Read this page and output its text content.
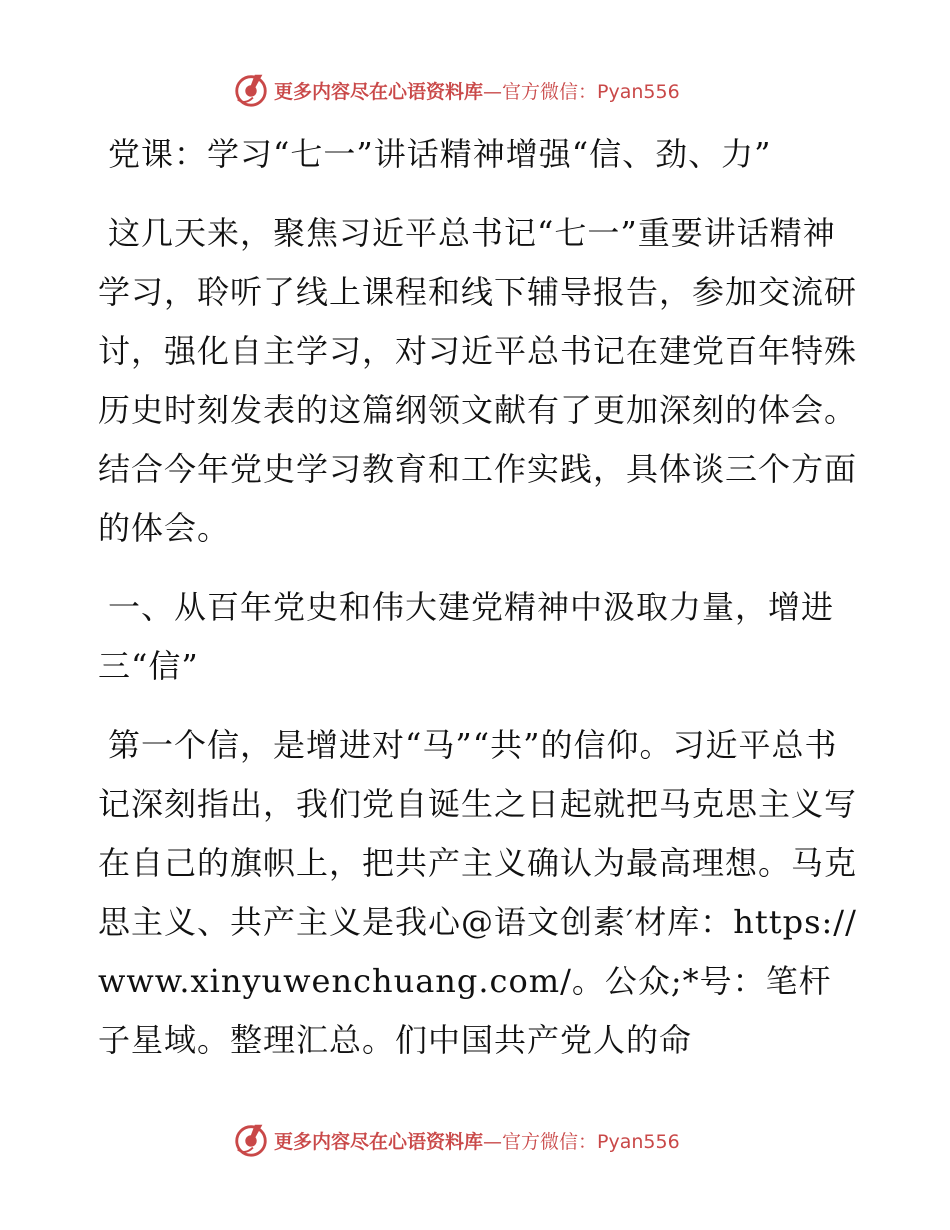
更多内容尽在心语资料库—官方微信：Pyan556

党课：学习“七一”讲话精神增强“信、劲、力”

这几天来，聚焦习近平总书记“七一”重要讲话精神学习，聆听了线上课程和线下辅导报告，参加交流研讨，强化自主学习，对习近平总书记在建党百年特殊历史时刻发表的这篇纲领文献有了更加深刻的体会。结合今年党史学习教育和工作实践，具体谈三个方面的体会。

一、从百年党史和伟大建党精神中汲取力量，增进三“信”

第一个信，是增进对“马”“共”的信仰。习近平总书记深刻指出，我们党自诞生之日起就把马克思主义写在自己的旗帜上，把共产主义确认为最高理想。马克思主义、共产主义是我心@语文创素′材库：https://www.xinyuwenchuang.com/。公众;*号：笔杆子星域。整理汇总。们中国共产党人的命

更多内容尽在心语资料库—官方微信：Pyan556
